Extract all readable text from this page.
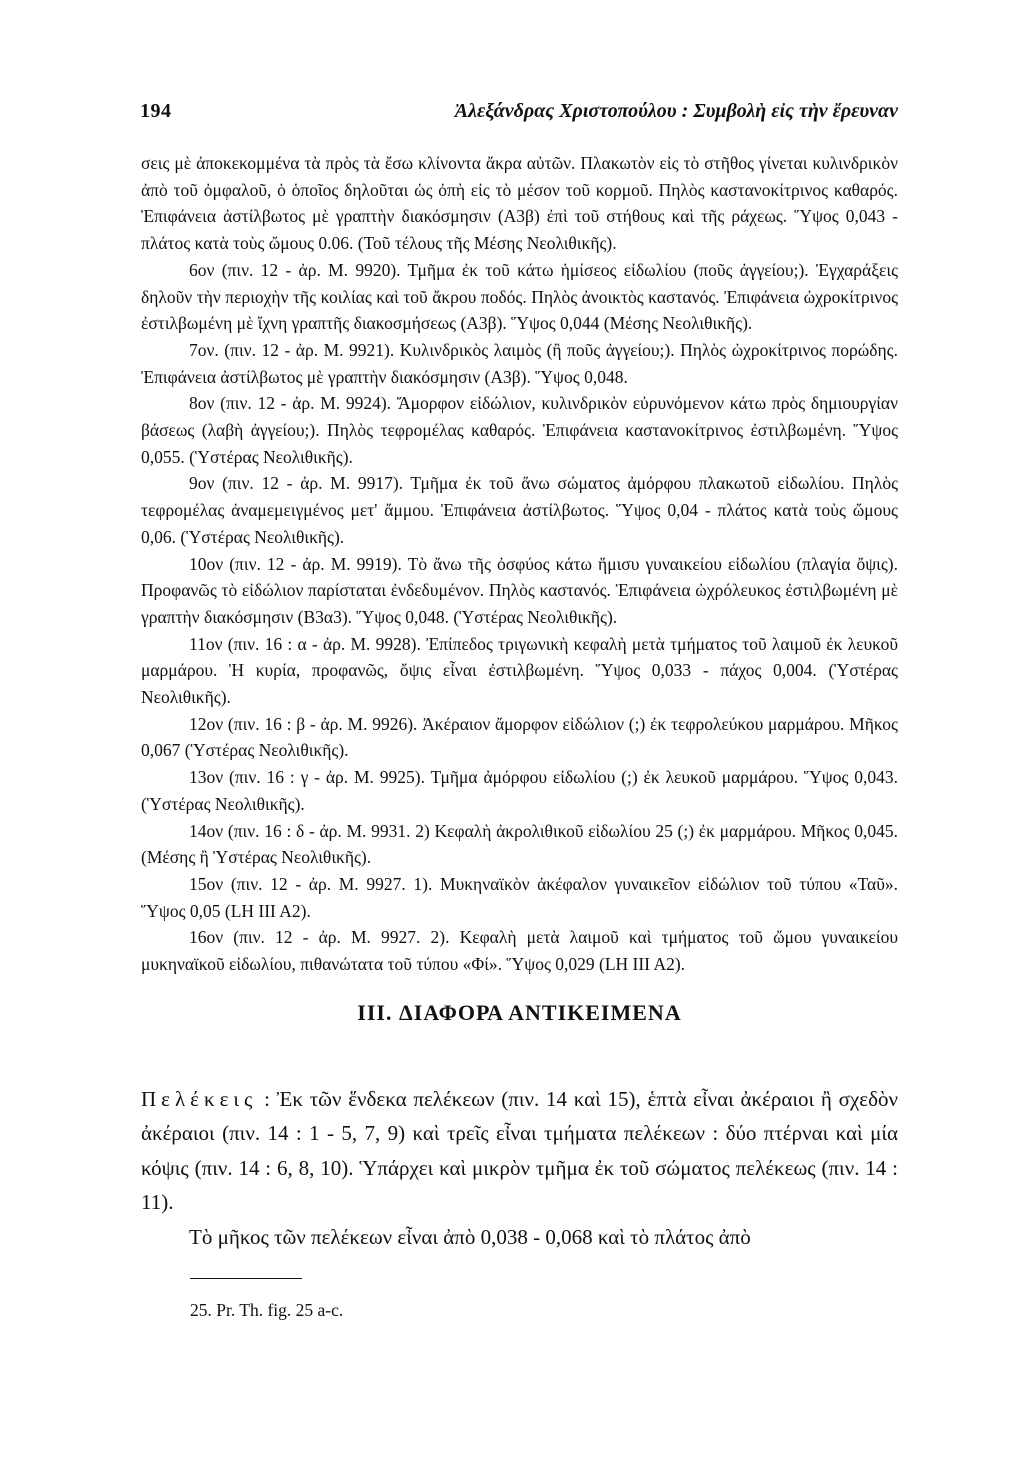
194	Ἀλεξάνδρας Χριστοπούλου : Συμβολὴ εἰς τὴν ἔρευναν

σεις μὲ ἀποκεκομμένα τὰ πρὸς τὰ ἔσω κλίνοντα ἄκρα αὐτῶν. Πλακωτὸν εἰς τὸ στῆθος γίνεται κυλινδρικὸν ἀπὸ τοῦ ὀμφαλοῦ, ὁ ὁποῖος δηλοῦται ὡς ὀπὴ εἰς τὸ μέσον τοῦ κορμοῦ. Πηλὸς καστανοκίτρινος καθαρός. Ἐπιφάνεια ἀστίλβωτος μὲ γραπτὴν διακόσμησιν (Α3β) ἐπὶ τοῦ στήθους καὶ τῆς ράχεως. Ὕψος 0,043 - πλάτος κατὰ τοὺς ὤμους 0.06. (Τοῦ τέλους τῆς Μέσης Νεολιθικῆς).

6ον (πιν. 12 - ἀρ. Μ. 9920). Τμῆμα ἐκ τοῦ κάτω ἡμίσεος εἰδωλίου (ποῦς ἀγγείου;). Ἐγχαράξεις δηλοῦν τὴν περιοχὴν τῆς κοιλίας καὶ τοῦ ἄκρου ποδός. Πηλὸς ἀνοικτὸς καστανός. Ἐπιφάνεια ὠχροκίτρινος ἐστιλβωμένη μὲ ἴχνη γραπτῆς διακοσμήσεως (Α3β). Ὕψος 0,044 (Μέσης Νεολιθικῆς).

7ον. (πιν. 12 - ἀρ. Μ. 9921). Κυλινδρικὸς λαιμὸς (ἢ ποῦς ἀγγείου;). Πηλὸς ὠχροκίτρινος πορώδης. Ἐπιφάνεια ἀστίλβωτος μὲ γραπτὴν διακόσμησιν (Α3β). Ὕψος 0,048.

8ον (πιν. 12 - ἀρ. Μ. 9924). Ἄμορφον εἰδώλιον, κυλινδρικὸν εὐρυνόμενον κάτω πρὸς δημιουργίαν βάσεως (λαβὴ ἀγγείου;). Πηλὸς τεφρομέλας καθαρός. Ἐπιφάνεια καστανοκίτρινος ἐστιλβωμένη. Ὕψος 0,055. (Ὑστέρας Νεολιθικῆς).

9ον (πιν. 12 - ἀρ. Μ. 9917). Τμῆμα ἐκ τοῦ ἄνω σώματος ἀμόρφου πλακωτοῦ εἰδωλίου. Πηλὸς τεφρομέλας ἀναμεμειγμένος μετ' ἄμμου. Ἐπιφάνεια ἀστίλβωτος. Ὕψος 0,04 - πλάτος κατὰ τοὺς ὤμους 0,06. (Ὑστέρας Νεολιθικῆς).

10ον (πιν. 12 - ἀρ. Μ. 9919). Τὸ ἄνω τῆς ὀσφύος κάτω ἥμισυ γυναικείου εἰδωλίου (πλαγία ὄψις). Προφανῶς τὸ εἰδώλιον παρίσταται ἐνδεδυμένον. Πηλὸς καστανός. Ἐπιφάνεια ὠχρόλευκος ἐστιλβωμένη μὲ γραπτὴν διακόσμησιν (Β3α3). Ὕψος 0,048. (Ὑστέρας Νεολιθικῆς).

11ον (πιν. 16 : α - ἀρ. Μ. 9928). Ἐπίπεδος τριγωνικὴ κεφαλὴ μετὰ τμήματος τοῦ λαιμοῦ ἐκ λευκοῦ μαρμάρου. Ἡ κυρία, προφανῶς, ὄψις εἶναι ἐστιλβωμένη. Ὕψος 0,033 - πάχος 0,004. (Ὑστέρας Νεολιθικῆς).

12ον (πιν. 16 : β - ἀρ. Μ. 9926). Ἀκέραιον ἄμορφον εἰδώλιον (;) ἐκ τεφρολεύκου μαρμάρου. Μῆκος 0,067 (Ὑστέρας Νεολιθικῆς).

13ον (πιν. 16 : γ - ἀρ. Μ. 9925). Τμῆμα ἀμόρφου εἰδωλίου (;) ἐκ λευκοῦ μαρμάρου. Ὕψος 0,043. (Ὑστέρας Νεολιθικῆς).

14ον (πιν. 16 : δ - ἀρ. Μ. 9931. 2) Κεφαλὴ ἀκρολιθικοῦ εἰδωλίου 25 (;) ἐκ μαρμάρου. Μῆκος 0,045. (Μέσης ἢ Ὑστέρας Νεολιθικῆς).

15ον (πιν. 12 - ἀρ. Μ. 9927. 1). Μυκηναϊκὸν ἀκέφαλον γυναικεῖον εἰδώλιον τοῦ τύπου «Ταῦ». Ὕψος 0,05 (LH III A2).

16ον (πιν. 12 - ἀρ. Μ. 9927. 2). Κεφαλὴ μετὰ λαιμοῦ καὶ τμήματος τοῦ ὤμου γυναικείου μυκηναϊκοῦ εἰδωλίου, πιθανώτατα τοῦ τύπου «Φί». Ὕψος 0,029 (LH III A2).

III. ΔΙΑΦΟΡΑ ΑΝΤΙΚΕΙΜΕΝΑ

Πελέκεις : Ἐκ τῶν ἕνδεκα πελέκεων (πιν. 14 καὶ 15), ἑπτὰ εἶναι ἀκέραιοι ἢ σχεδὸν ἀκέραιοι (πιν. 14 : 1 - 5, 7, 9) καὶ τρεῖς εἶναι τμήματα πελέκεων : δύο πτέρναι καὶ μία κόψις (πιν. 14 : 6, 8, 10). Ὑπάρχει καὶ μικρὸν τμῆμα ἐκ τοῦ σώματος πελέκεως (πιν. 14 : 11).

Τὸ μῆκος τῶν πελέκεων εἶναι ἀπὸ 0,038 - 0,068 καὶ τὸ πλάτος ἀπὸ

25. Pr. Th. fig. 25 a-c.
